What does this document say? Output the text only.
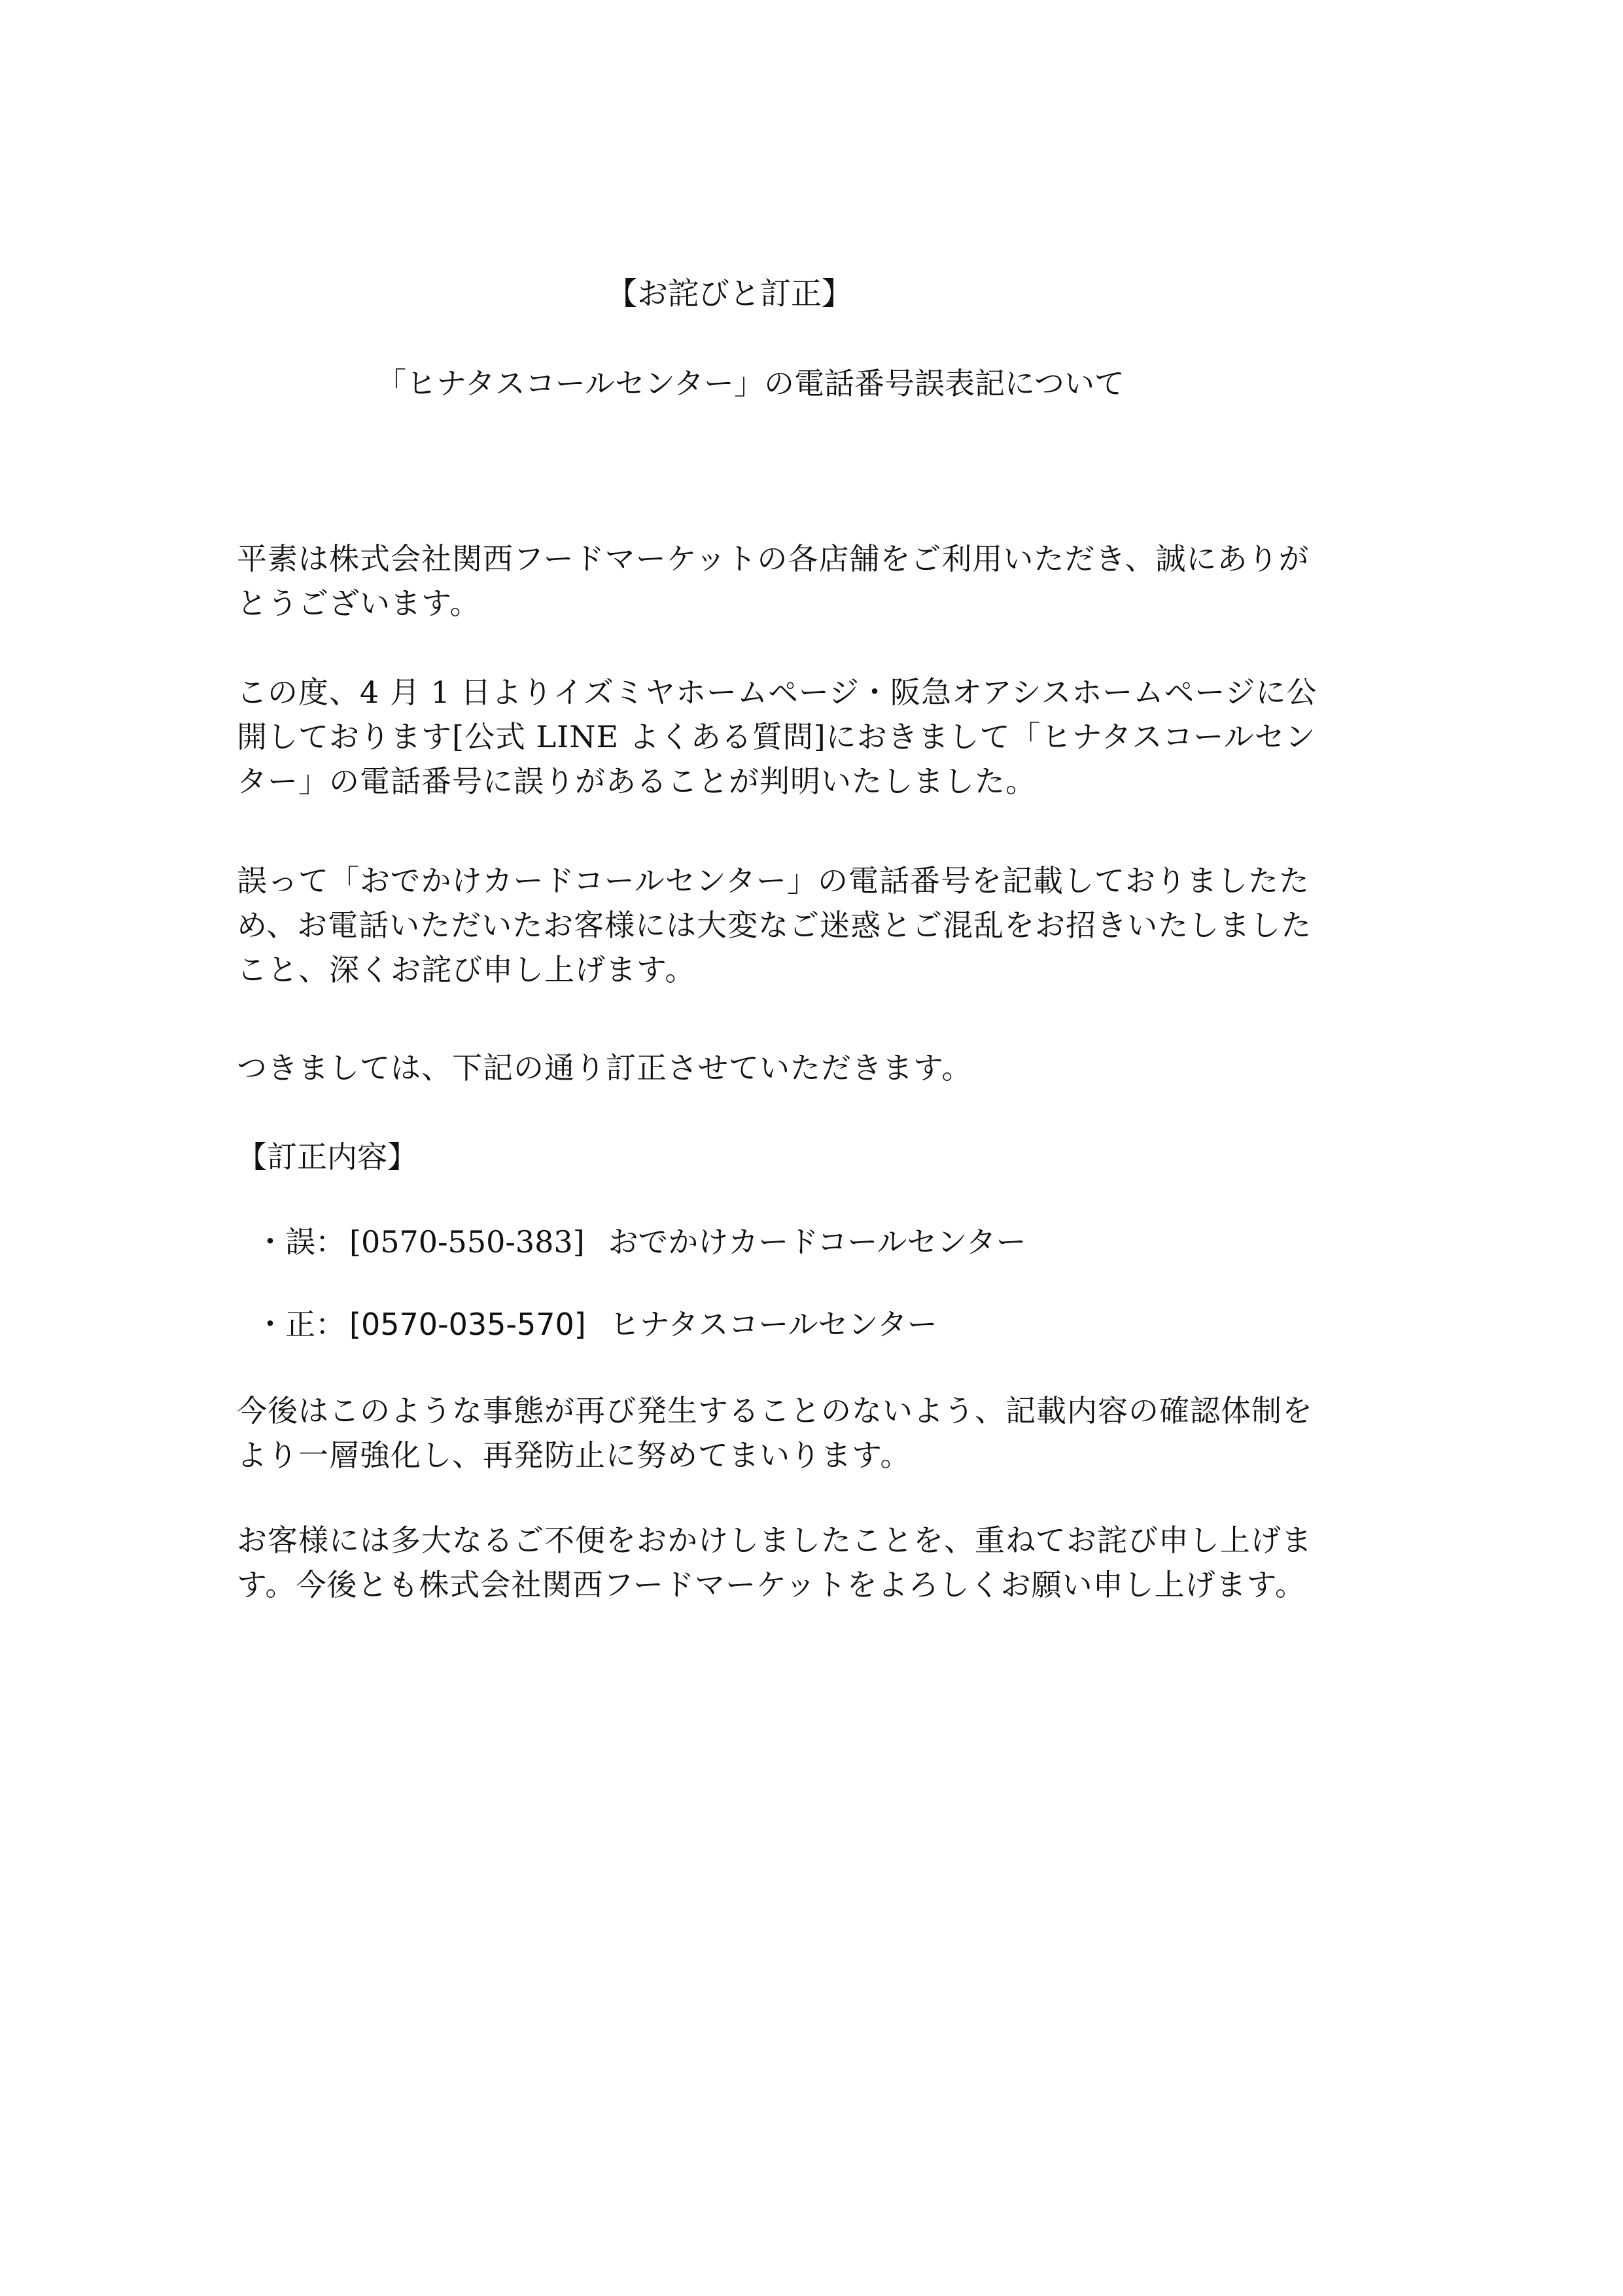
【お詫びと訂正】
「ヒナタスコールセンター」の電話番号誤表記について
平素は株式会社関西フードマーケットの各店舗をご利用いただき、誠にありが
とうございます。
この度、4 月 1 日よりイズミヤホームページ・阪急オアシスホームページに公
開しております[公式 LINE よくある質問]におきまして「ヒナタスコールセン
ター」の電話番号に誤りがあることが判明いたしました。
誤って「おでかけカードコールセンター」の電話番号を記載しておりましたた
め、お電話いただいたお客様には大変なご迷惑とご混乱をお招きいたしました
こと、深くお詫び申し上げます。
つきましては、下記の通り訂正させていただきます。
【訂正内容】
・誤： [0570-550-383] おでかけカードコールセンター
・正： [0570-035-570] ヒナタスコールセンター
今後はこのような事態が再び発生することのないよう、記載内容の確認体制を
より一層強化し、再発防止に努めてまいります。
お客様には多大なるご不便をおかけしましたことを、重ねてお詫び申し上げま
す。今後とも株式会社関西フードマーケットをよろしくお願い申し上げます。
